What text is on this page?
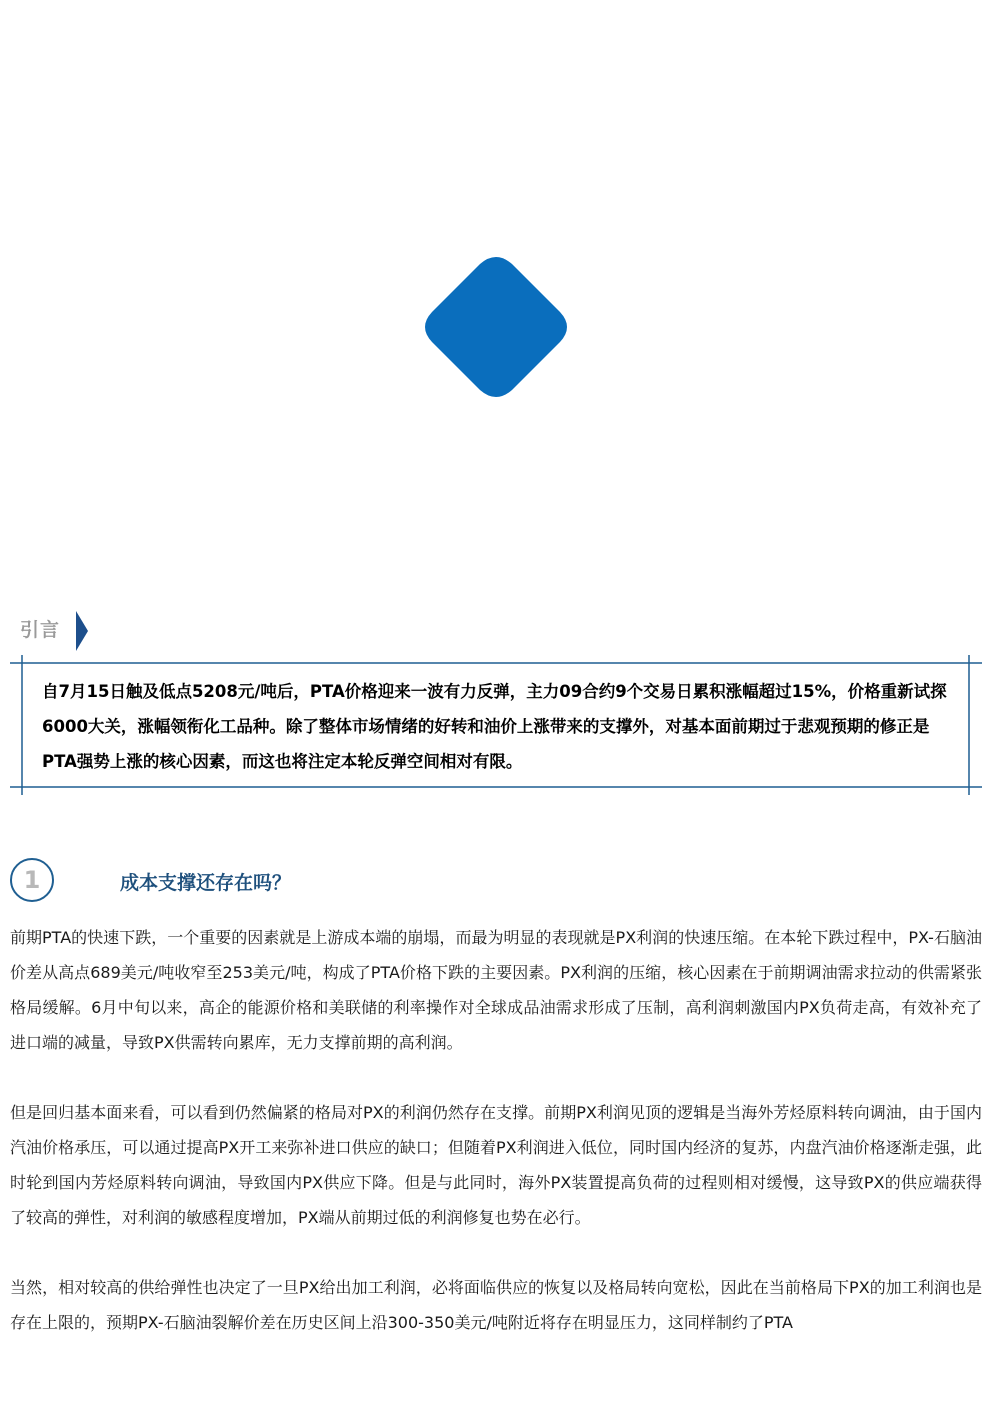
引言

自7月15日触及低点5208元/吨后，PTA价格迎来一波有力反弹，主力09合约9个交易日累积涨幅超过15%，价格重新试探6000大关，涨幅领衔化工品种。除了整体市场情绪的好转和油价上涨带来的支撑外，对基本面前期过于悲观预期的修正是PTA强势上涨的核心因素，而这也将注定本轮反弹空间相对有限。

1	成本支撑还存在吗？

前期PTA的快速下跌，一个重要的因素就是上游成本端的崩塌，而最为明显的表现就是PX利润的快速压缩。在本轮下跌过程中，PX-石脑油价差从高点689美元/吨收窄至253美元/吨，构成了PTA价格下跌的主要因素。PX利润的压缩，核心因素在于前期调油需求拉动的供需紧张格局缓解。6月中旬以来，高企的能源价格和美联储的利率操作对全球成品油需求形成了压制，高利润刺激国内PX负荷走高，有效补充了进口端的减量，导致PX供需转向累库，无力支撑前期的高利润。

但是回归基本面来看，可以看到仍然偏紧的格局对PX的利润仍然存在支撑。前期PX利润见顶的逻辑是当海外芳烃原料转向调油，由于国内汽油价格承压，可以通过提高PX开工来弥补进口供应的缺口；但随着PX利润进入低位，同时国内经济的复苏，内盘汽油价格逐渐走强，此时轮到国内芳烃原料转向调油，导致国内PX供应下降。但是与此同时，海外PX装置提高负荷的过程则相对缓慢，这导致PX的供应端获得了较高的弹性，对利润的敏感程度增加，PX端从前期过低的利润修复也势在必行。

当然，相对较高的供给弹性也决定了一旦PX给出加工利润，必将面临供应的恢复以及格局转向宽松，因此在当前格局下PX的加工利润也是存在上限的，预期PX-石脑油裂解价差在历史区间上沿300-350美元/吨附近将存在明显压力，这同样制约了PTA
